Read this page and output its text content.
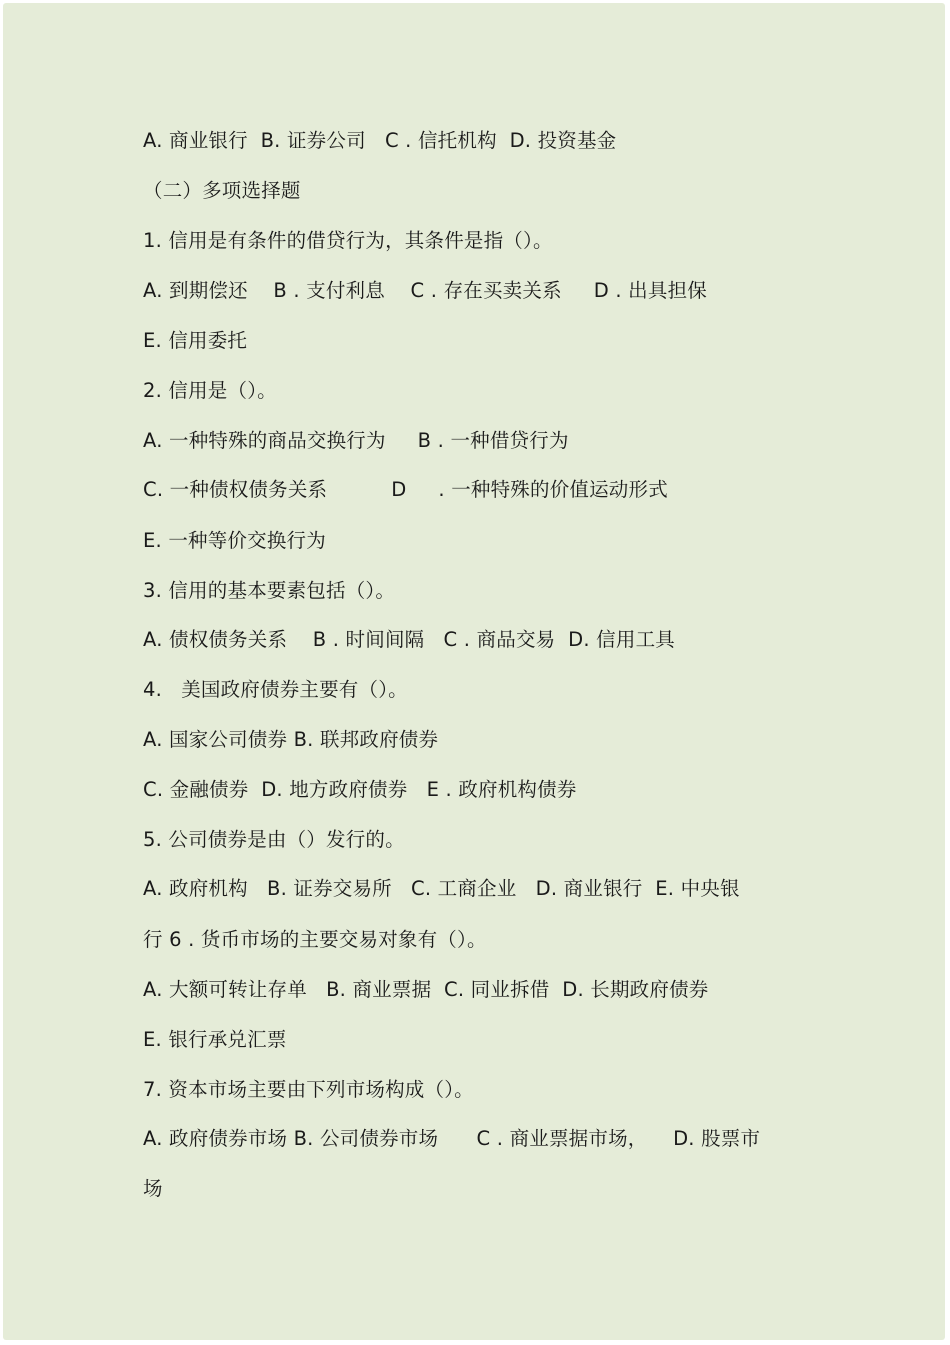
A. 商业银行  B. 证券公司   C . 信托机构  D. 投资基金
（二）多项选择题
1. 信用是有条件的借贷行为，其条件是指（）。
A. 到期偿还    B . 支付利息    C . 存在买卖关系     D . 出具担保
E. 信用委托
2. 信用是（）。
A. 一种特殊的商品交换行为     B . 一种借贷行为
C. 一种债权债务关系          D     . 一种特殊的价值运动形式
E. 一种等价交换行为
3. 信用的基本要素包括（）。
A. 债权债务关系    B . 时间间隔   C . 商品交易  D. 信用工具
4.   美国政府债券主要有（）。
A. 国家公司债券 B. 联邦政府债券
C. 金融债券  D. 地方政府债券   E . 政府机构债券
5. 公司债券是由（）发行的。
A. 政府机构   B. 证券交易所   C. 工商企业   D. 商业银行  E. 中央银
行 6 . 货币市场的主要交易对象有（）。
A. 大额可转让存单   B. 商业票据  C. 同业拆借  D. 长期政府债券
E. 银行承兑汇票
7. 资本市场主要由下列市场构成（）。
A. 政府债券市场 B. 公司债券市场      C . 商业票据市场，    D. 股票市
场
